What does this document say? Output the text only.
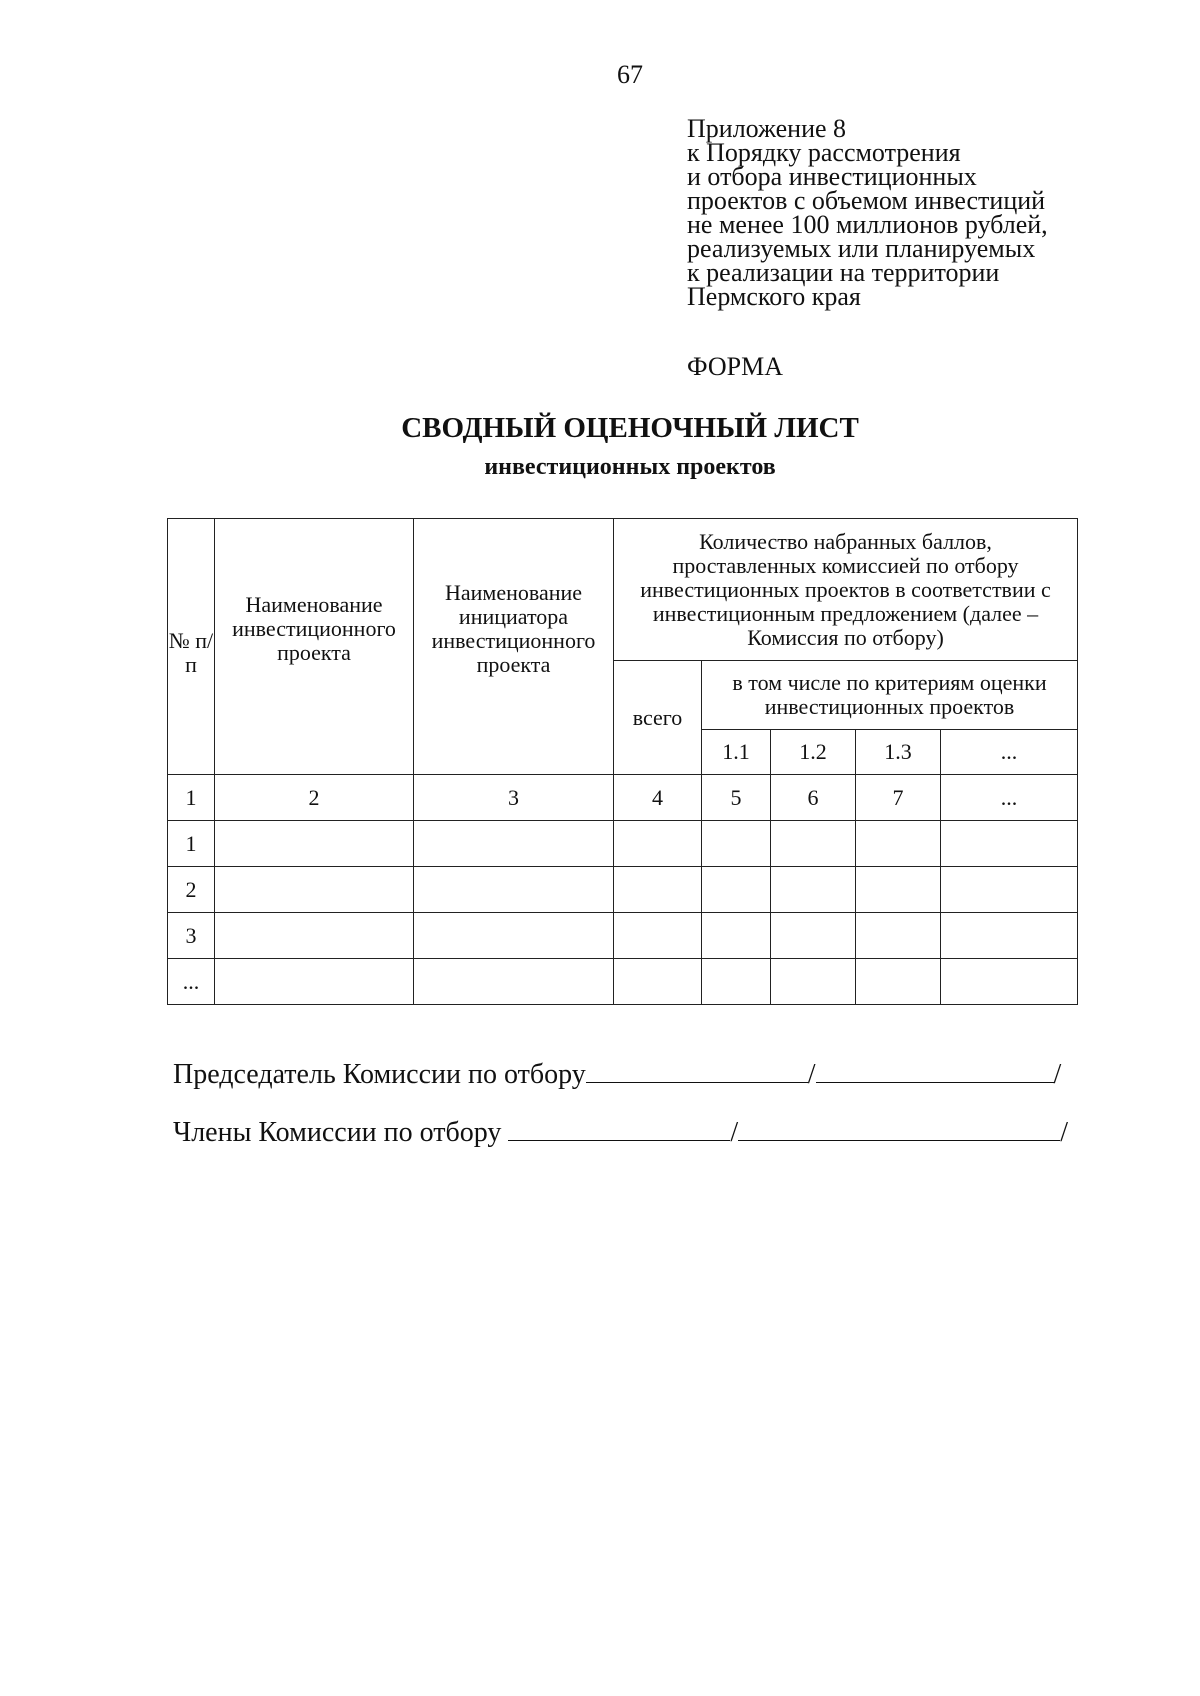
67
Приложение 8
к Порядку рассмотрения
и отбора инвестиционных
проектов с объемом инвестиций
не менее 100 миллионов рублей,
реализуемых или планируемых
к реализации на территории
Пермского края
ФОРМА
СВОДНЫЙ ОЦЕНОЧНЫЙ ЛИСТ
инвестиционных проектов
№ п/п	Наименование инвестиционного проекта	Наименование инициатора инвестиционного проекта	Количество набранных баллов, проставленных комиссией по отбору инвестиционных проектов в соответствии с инвестиционным предложением (далее – Комиссия по отбору)				
			всего	в том числе по критериям оценки инвестиционных проектов			
				1.1	1.2	1.3	...
1	2	3	4	5	6	7	...
1							
2							
3							
...							
Председатель Комиссии по отбору	/	/
Члены Комиссии по отбору	/	/
